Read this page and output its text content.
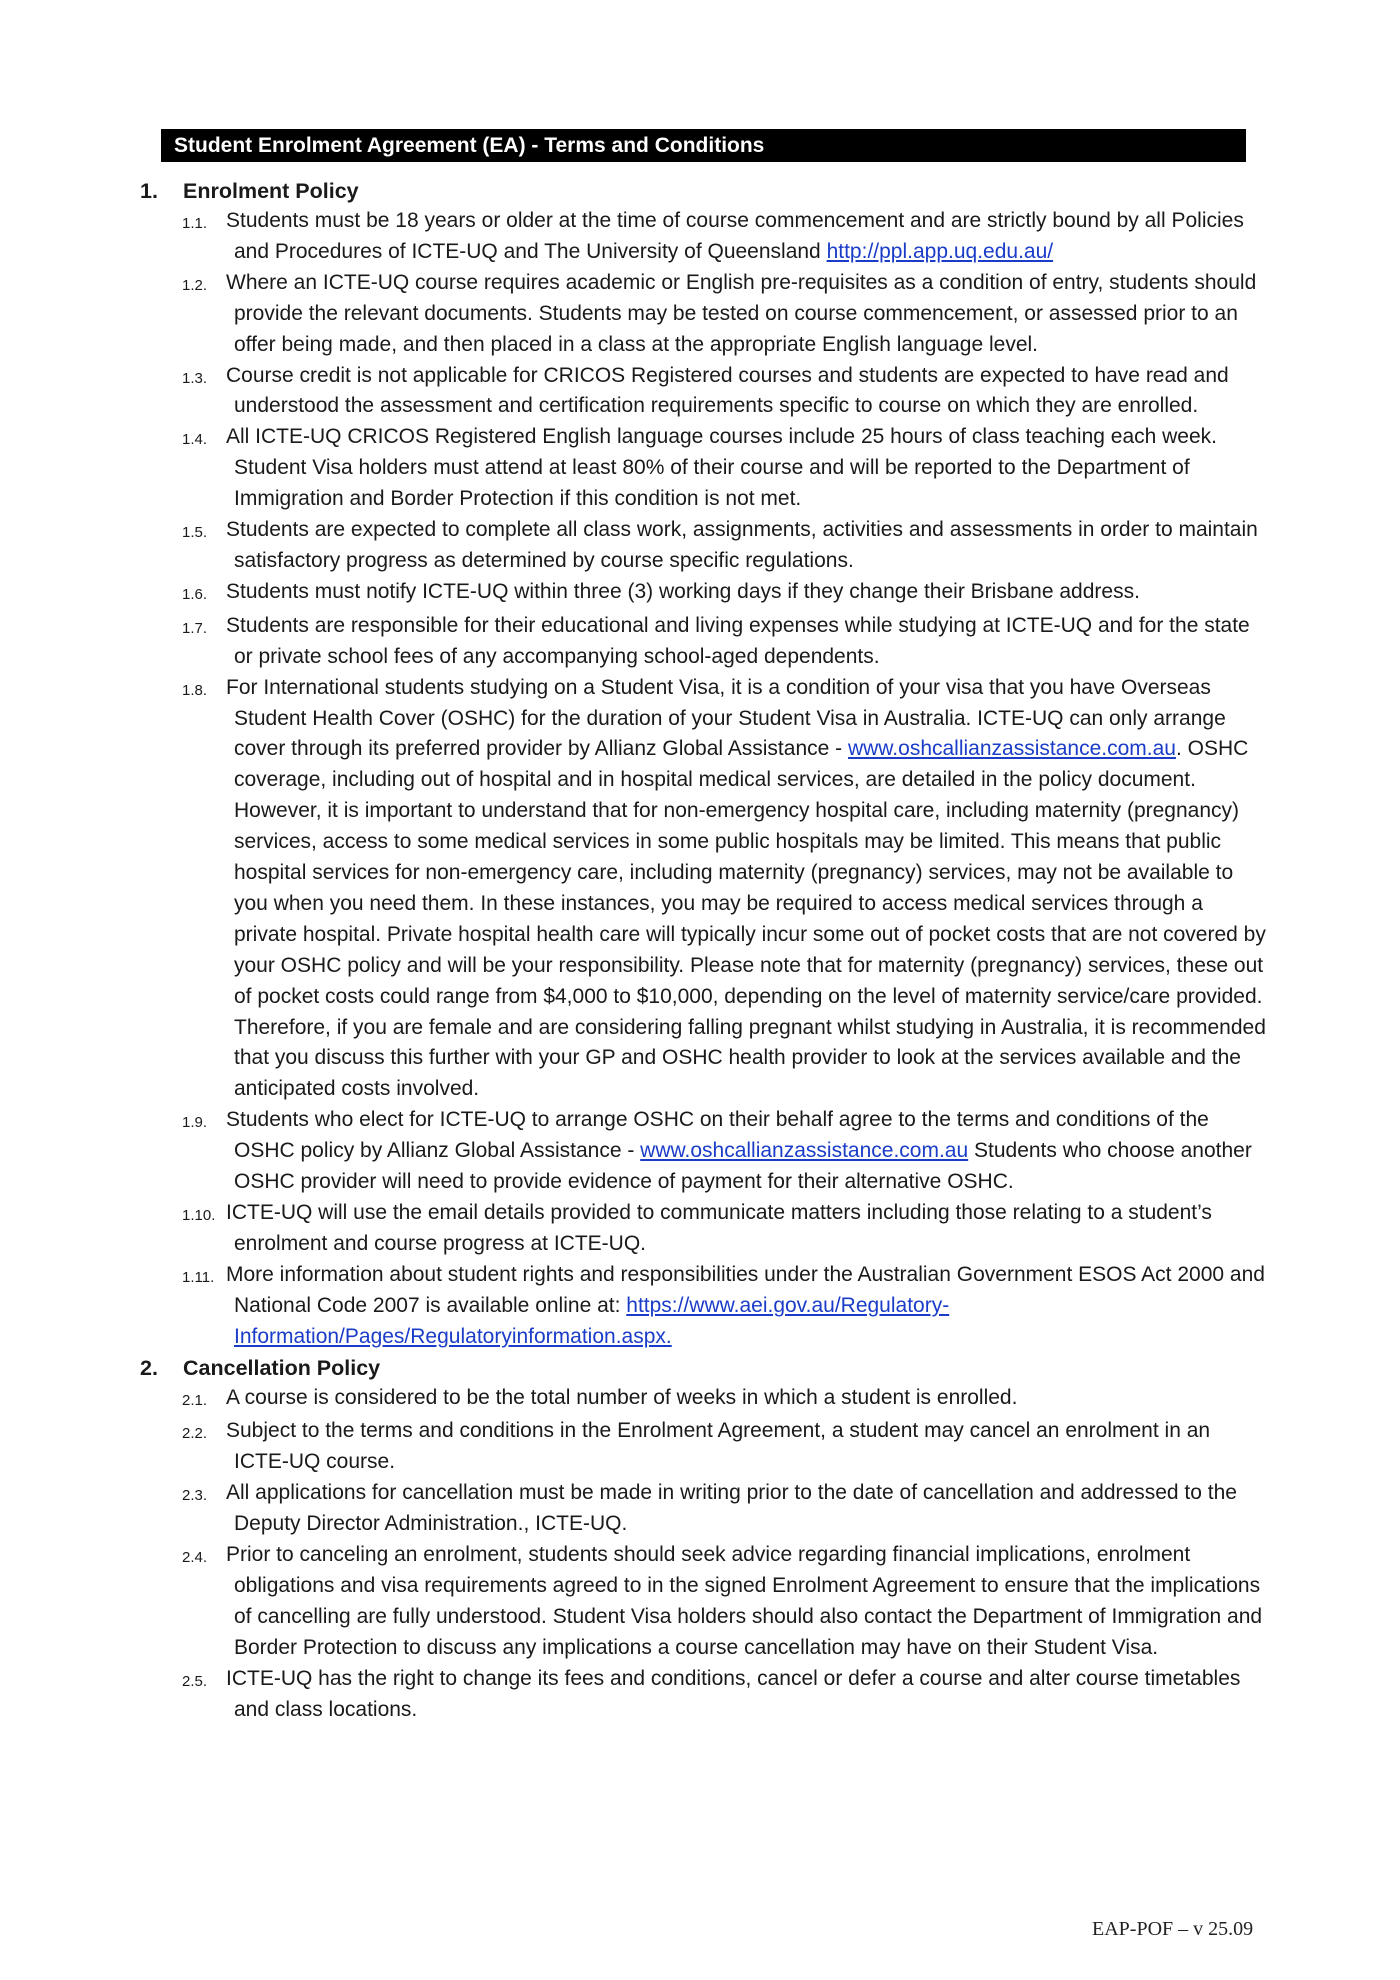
Student Enrolment Agreement (EA) - Terms and Conditions
1.	Enrolment Policy
1.1. Students must be 18 years or older at the time of course commencement and are strictly bound by all Policies and Procedures of ICTE-UQ and The University of Queensland http://ppl.app.uq.edu.au/
1.2. Where an ICTE-UQ course requires academic or English pre-requisites as a condition of entry, students should provide the relevant documents. Students may be tested on course commencement, or assessed prior to an offer being made, and then placed in a class at the appropriate English language level.
1.3. Course credit is not applicable for CRICOS Registered courses and students are expected to have read and understood the assessment and certification requirements specific to course on which they are enrolled.
1.4. All ICTE-UQ CRICOS Registered English language courses include 25 hours of class teaching each week. Student Visa holders must attend at least 80% of their course and will be reported to the Department of Immigration and Border Protection if this condition is not met.
1.5. Students are expected to complete all class work, assignments, activities and assessments in order to maintain satisfactory progress as determined by course specific regulations.
1.6. Students must notify ICTE-UQ within three (3) working days if they change their Brisbane address.
1.7. Students are responsible for their educational and living expenses while studying at ICTE-UQ and for the state or private school fees of any accompanying school-aged dependents.
1.8. For International students studying on a Student Visa, it is a condition of your visa that you have Overseas Student Health Cover (OSHC) for the duration of your Student Visa in Australia. ICTE-UQ can only arrange cover through its preferred provider by Allianz Global Assistance - www.oshcallianzassistance.com.au. OSHC coverage, including out of hospital and in hospital medical services, are detailed in the policy document. However, it is important to understand that for non-emergency hospital care, including maternity (pregnancy) services, access to some medical services in some public hospitals may be limited. This means that public hospital services for non-emergency care, including maternity (pregnancy) services, may not be available to you when you need them. In these instances, you may be required to access medical services through a private hospital. Private hospital health care will typically incur some out of pocket costs that are not covered by your OSHC policy and will be your responsibility. Please note that for maternity (pregnancy) services, these out of pocket costs could range from $4,000 to $10,000, depending on the level of maternity service/care provided. Therefore, if you are female and are considering falling pregnant whilst studying in Australia, it is recommended that you discuss this further with your GP and OSHC health provider to look at the services available and the anticipated costs involved.
1.9. Students who elect for ICTE-UQ to arrange OSHC on their behalf agree to the terms and conditions of the OSHC policy by Allianz Global Assistance - www.oshcallianzassistance.com.au Students who choose another OSHC provider will need to provide evidence of payment for their alternative OSHC.
1.10. ICTE-UQ will use the email details provided to communicate matters including those relating to a student’s enrolment and course progress at ICTE-UQ.
1.11. More information about student rights and responsibilities under the Australian Government ESOS Act 2000 and National Code 2007 is available online at: https://www.aei.gov.au/Regulatory-Information/Pages/Regulatoryinformation.aspx.
2.	Cancellation Policy
2.1. A course is considered to be the total number of weeks in which a student is enrolled.
2.2. Subject to the terms and conditions in the Enrolment Agreement, a student may cancel an enrolment in an ICTE-UQ course.
2.3. All applications for cancellation must be made in writing prior to the date of cancellation and addressed to the Deputy Director Administration., ICTE-UQ.
2.4. Prior to canceling an enrolment, students should seek advice regarding financial implications, enrolment obligations and visa requirements agreed to in the signed Enrolment Agreement to ensure that the implications of cancelling are fully understood. Student Visa holders should also contact the Department of Immigration and Border Protection to discuss any implications a course cancellation may have on their Student Visa.
2.5. ICTE-UQ has the right to change its fees and conditions, cancel or defer a course and alter course timetables and class locations.
EAP-POF – v 25.09
